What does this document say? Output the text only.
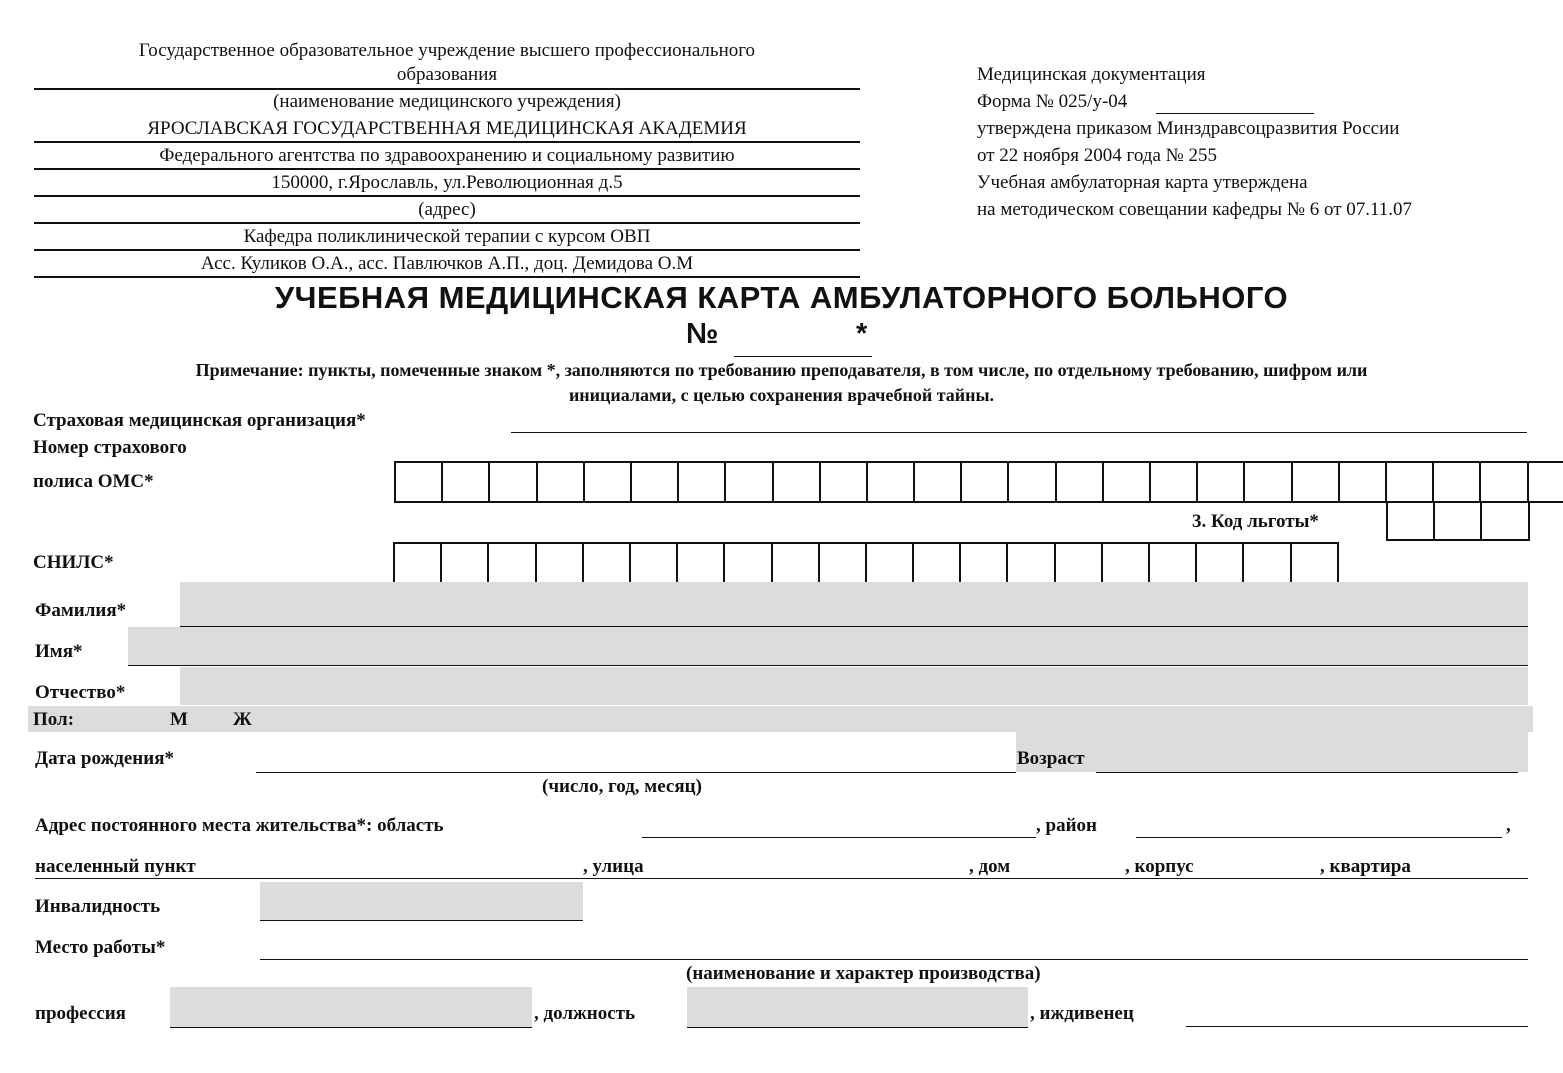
Государственное образовательное учреждение высшего профессионального
образования
(наименование медицинского учреждения)
ЯРОСЛАВСКАЯ ГОСУДАРСТВЕННАЯ МЕДИЦИНСКАЯ АКАДЕМИЯ
Федерального агентства по здравоохранению и социальному развитию
150000, г.Ярославль, ул.Революционная д.5
(адрес)
Кафедра поликлинической терапии с курсом ОВП
Асс. Куликов О.А., асс. Павлючков А.П., доц. Демидова О.М
Медицинская документация
Форма № 025/у-04
утверждена приказом Минздравсоцразвития России
от 22 ноября 2004 года № 255
Учебная амбулаторная карта утверждена
на методическом совещании кафедры № 6 от 07.11.07
УЧЕБНАЯ МЕДИЦИНСКАЯ КАРТА АМБУЛАТОРНОГО БОЛЬНОГО
№	*
Примечание: пункты, помеченные знаком *, заполняются по требованию преподавателя, в том числе, по отдельному требованию, шифром или
инициалами, с целью сохранения врачебной тайны.
Страховая медицинская организация*
Номер страхового
полиса ОМС*
3. Код льготы*
СНИЛС*
Фамилия*
Имя*
Отчество*
Пол:	М Ж
Дата рождения*	Возраст
(число, год, месяц)
Адрес постоянного места жительства*: область	, район	,
населенный пункт	, улица	, дом	, корпус	, квартира
Инвалидность
Место работы*
(наименование и характер производства)
профессия	, должность	, иждивенец
